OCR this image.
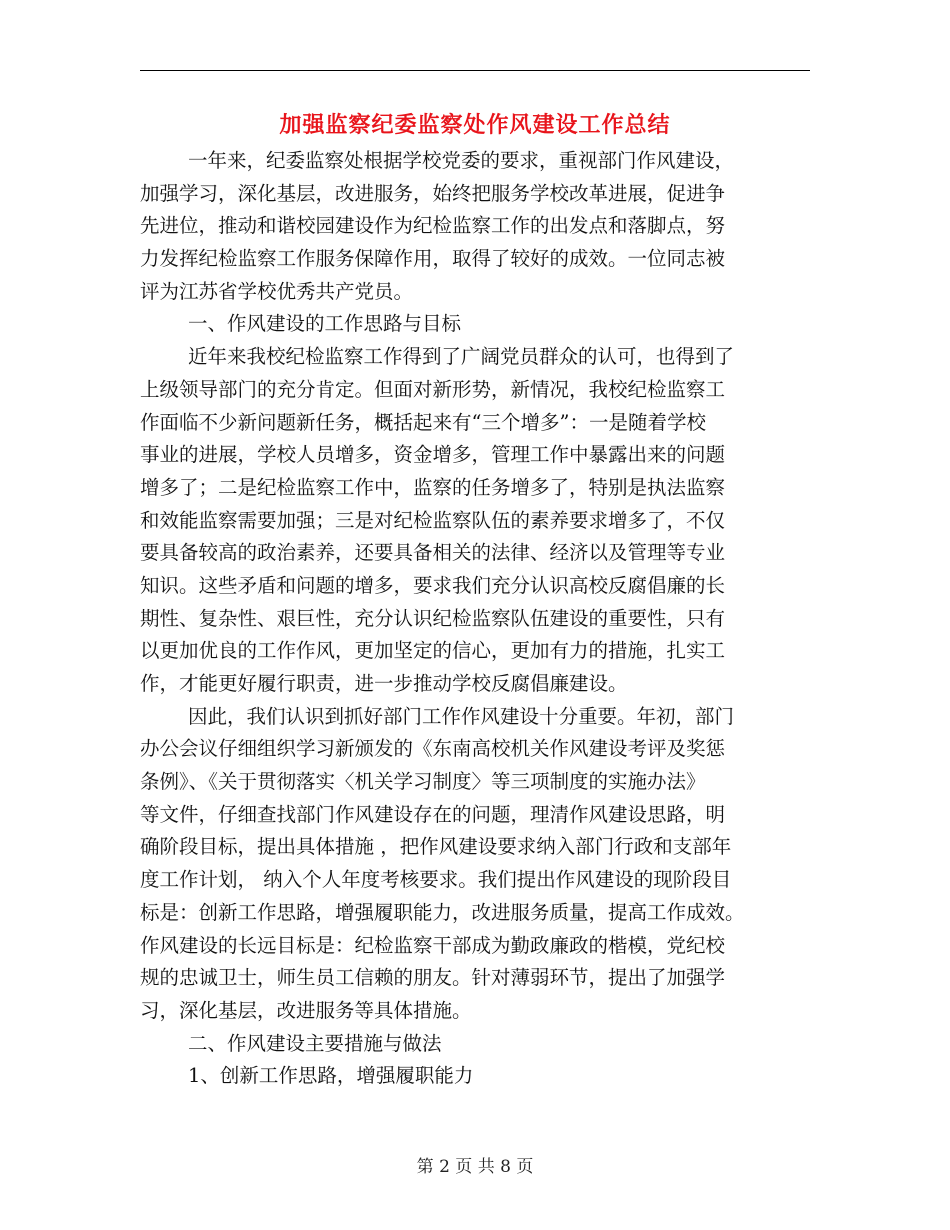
加强监察纪委监察处作风建设工作总结
一年来，纪委监察处根据学校党委的要求，重视部门作风建设，
加强学习，深化基层，改进服务，始终把服务学校改革进展，促进争
先进位，推动和谐校园建设作为纪检监察工作的出发点和落脚点，努
力发挥纪检监察工作服务保障作用，取得了较好的成效。一位同志被
评为江苏省学校优秀共产党员。
一、作风建设的工作思路与目标
近年来我校纪检监察工作得到了广阔党员群众的认可，也得到了
上级领导部门的充分肯定。但面对新形势，新情况，我校纪检监察工
作面临不少新问题新任务，概括起来有“三个增多”：一是随着学校
事业的进展，学校人员增多，资金增多，管理工作中暴露出来的问题
增多了；二是纪检监察工作中，监察的任务增多了，特别是执法监察
和效能监察需要加强；三是对纪检监察队伍的素养要求增多了，不仅
要具备较高的政治素养，还要具备相关的法律、经济以及管理等专业
知识。这些矛盾和问题的增多，要求我们充分认识高校反腐倡廉的长
期性、复杂性、艰巨性，充分认识纪检监察队伍建设的重要性，只有
以更加优良的工作作风，更加坚定的信心，更加有力的措施，扎实工
作，才能更好履行职责，进一步推动学校反腐倡廉建设。
因此，我们认识到抓好部门工作作风建设十分重要。年初，部门
办公会议仔细组织学习新颁发的《东南高校机关作风建设考评及奖惩
条例》、《关于贯彻落实〈机关学习制度〉等三项制度的实施办法》
等文件，仔细查找部门作风建设存在的问题，理清作风建设思路，明
确阶段目标，提出具体措施 ，把作风建设要求纳入部门行政和支部年
度工作计划， 纳入个人年度考核要求。我们提出作风建设的现阶段目
标是：创新工作思路，增强履职能力，改进服务质量，提高工作成效。
作风建设的长远目标是：纪检监察干部成为勤政廉政的楷模，党纪校
规的忠诚卫士，师生员工信赖的朋友。针对薄弱环节，提出了加强学
习，深化基层，改进服务等具体措施。
二、作风建设主要措施与做法
1、创新工作思路，增强履职能力
第 2 页 共 8 页
